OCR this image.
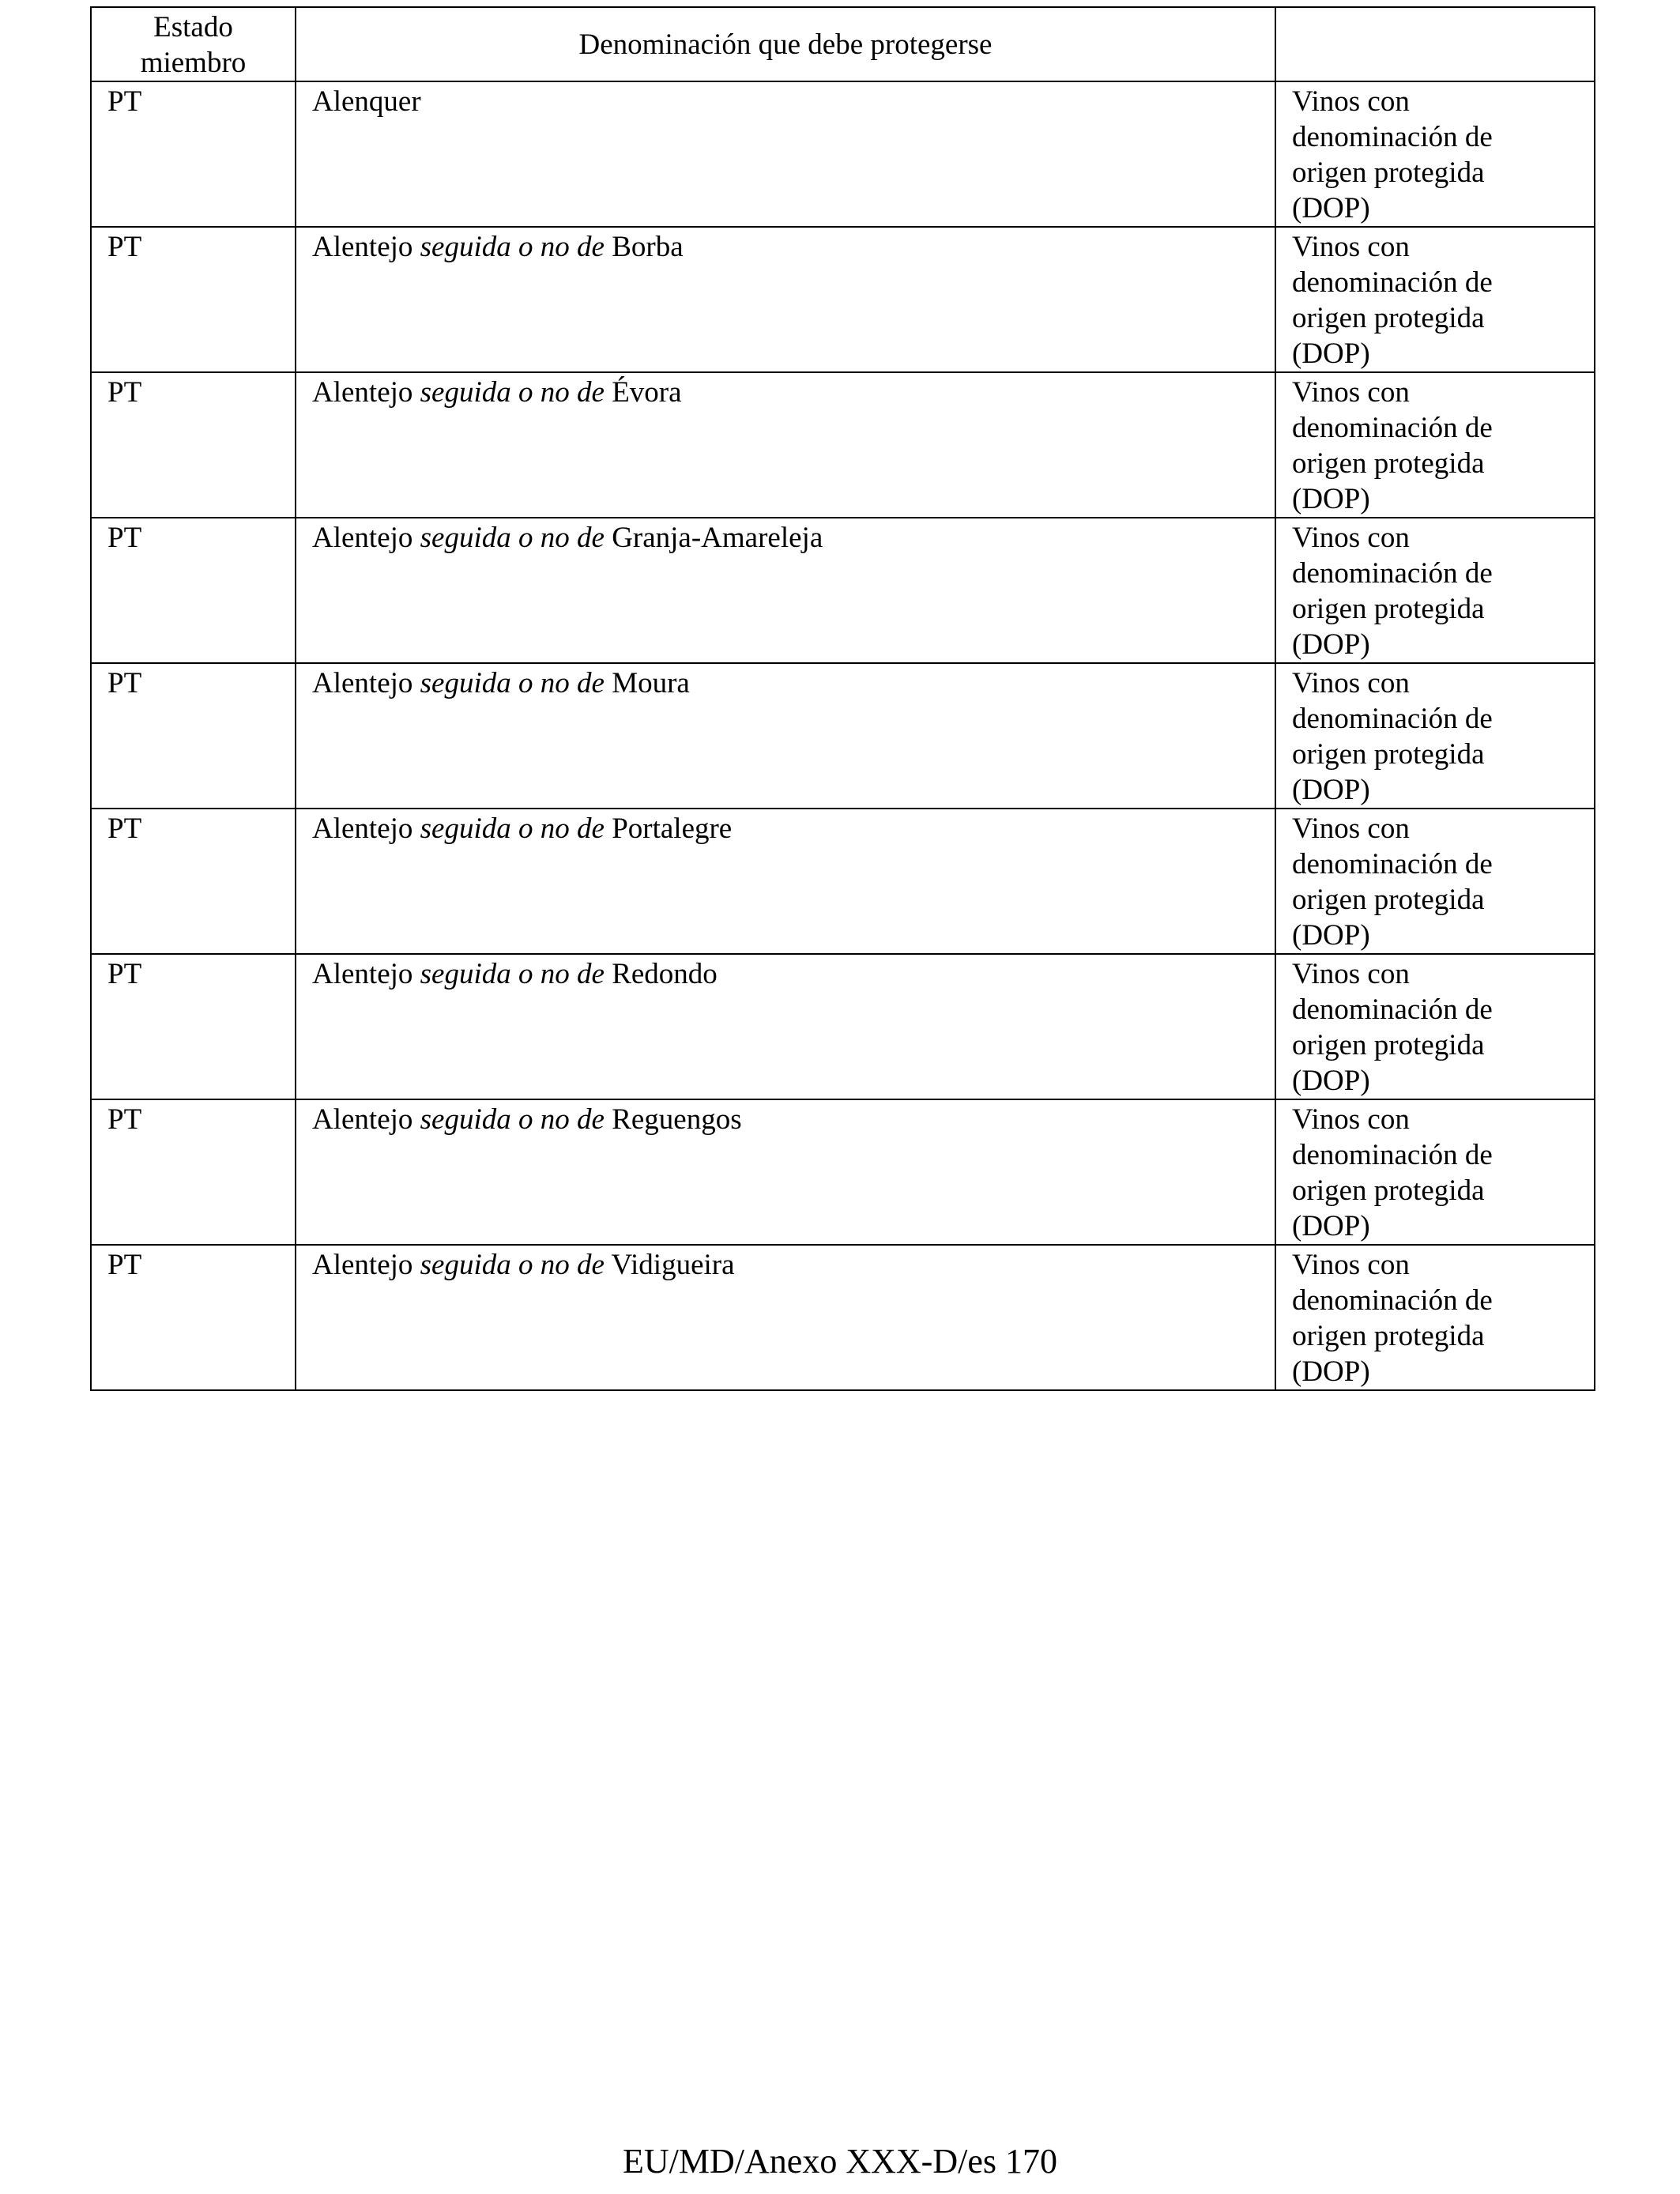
Estado
miembro	Denominación que debe protegerse	
PT	Alenquer	Vinos con
denominación de
origen protegida
(DOP)

PT	Alentejo seguida o no de Borba	Vinos con
denominación de
origen protegida
(DOP)

PT	Alentejo seguida o no de Évora	Vinos con
denominación de
origen protegida
(DOP)

PT	Alentejo seguida o no de Granja-Amareleja	Vinos con
denominación de
origen protegida
(DOP)

PT	Alentejo seguida o no de Moura	Vinos con
denominación de
origen protegida
(DOP)

PT	Alentejo seguida o no de Portalegre	Vinos con
denominación de
origen protegida
(DOP)

PT	Alentejo seguida o no de Redondo	Vinos con
denominación de
origen protegida
(DOP)

PT	Alentejo seguida o no de Reguengos	Vinos con
denominación de
origen protegida
(DOP)

PT	Alentejo seguida o no de Vidigueira	Vinos con
denominación de
origen protegida
(DOP)
EU/MD/Anexo XXX-D/es 170
